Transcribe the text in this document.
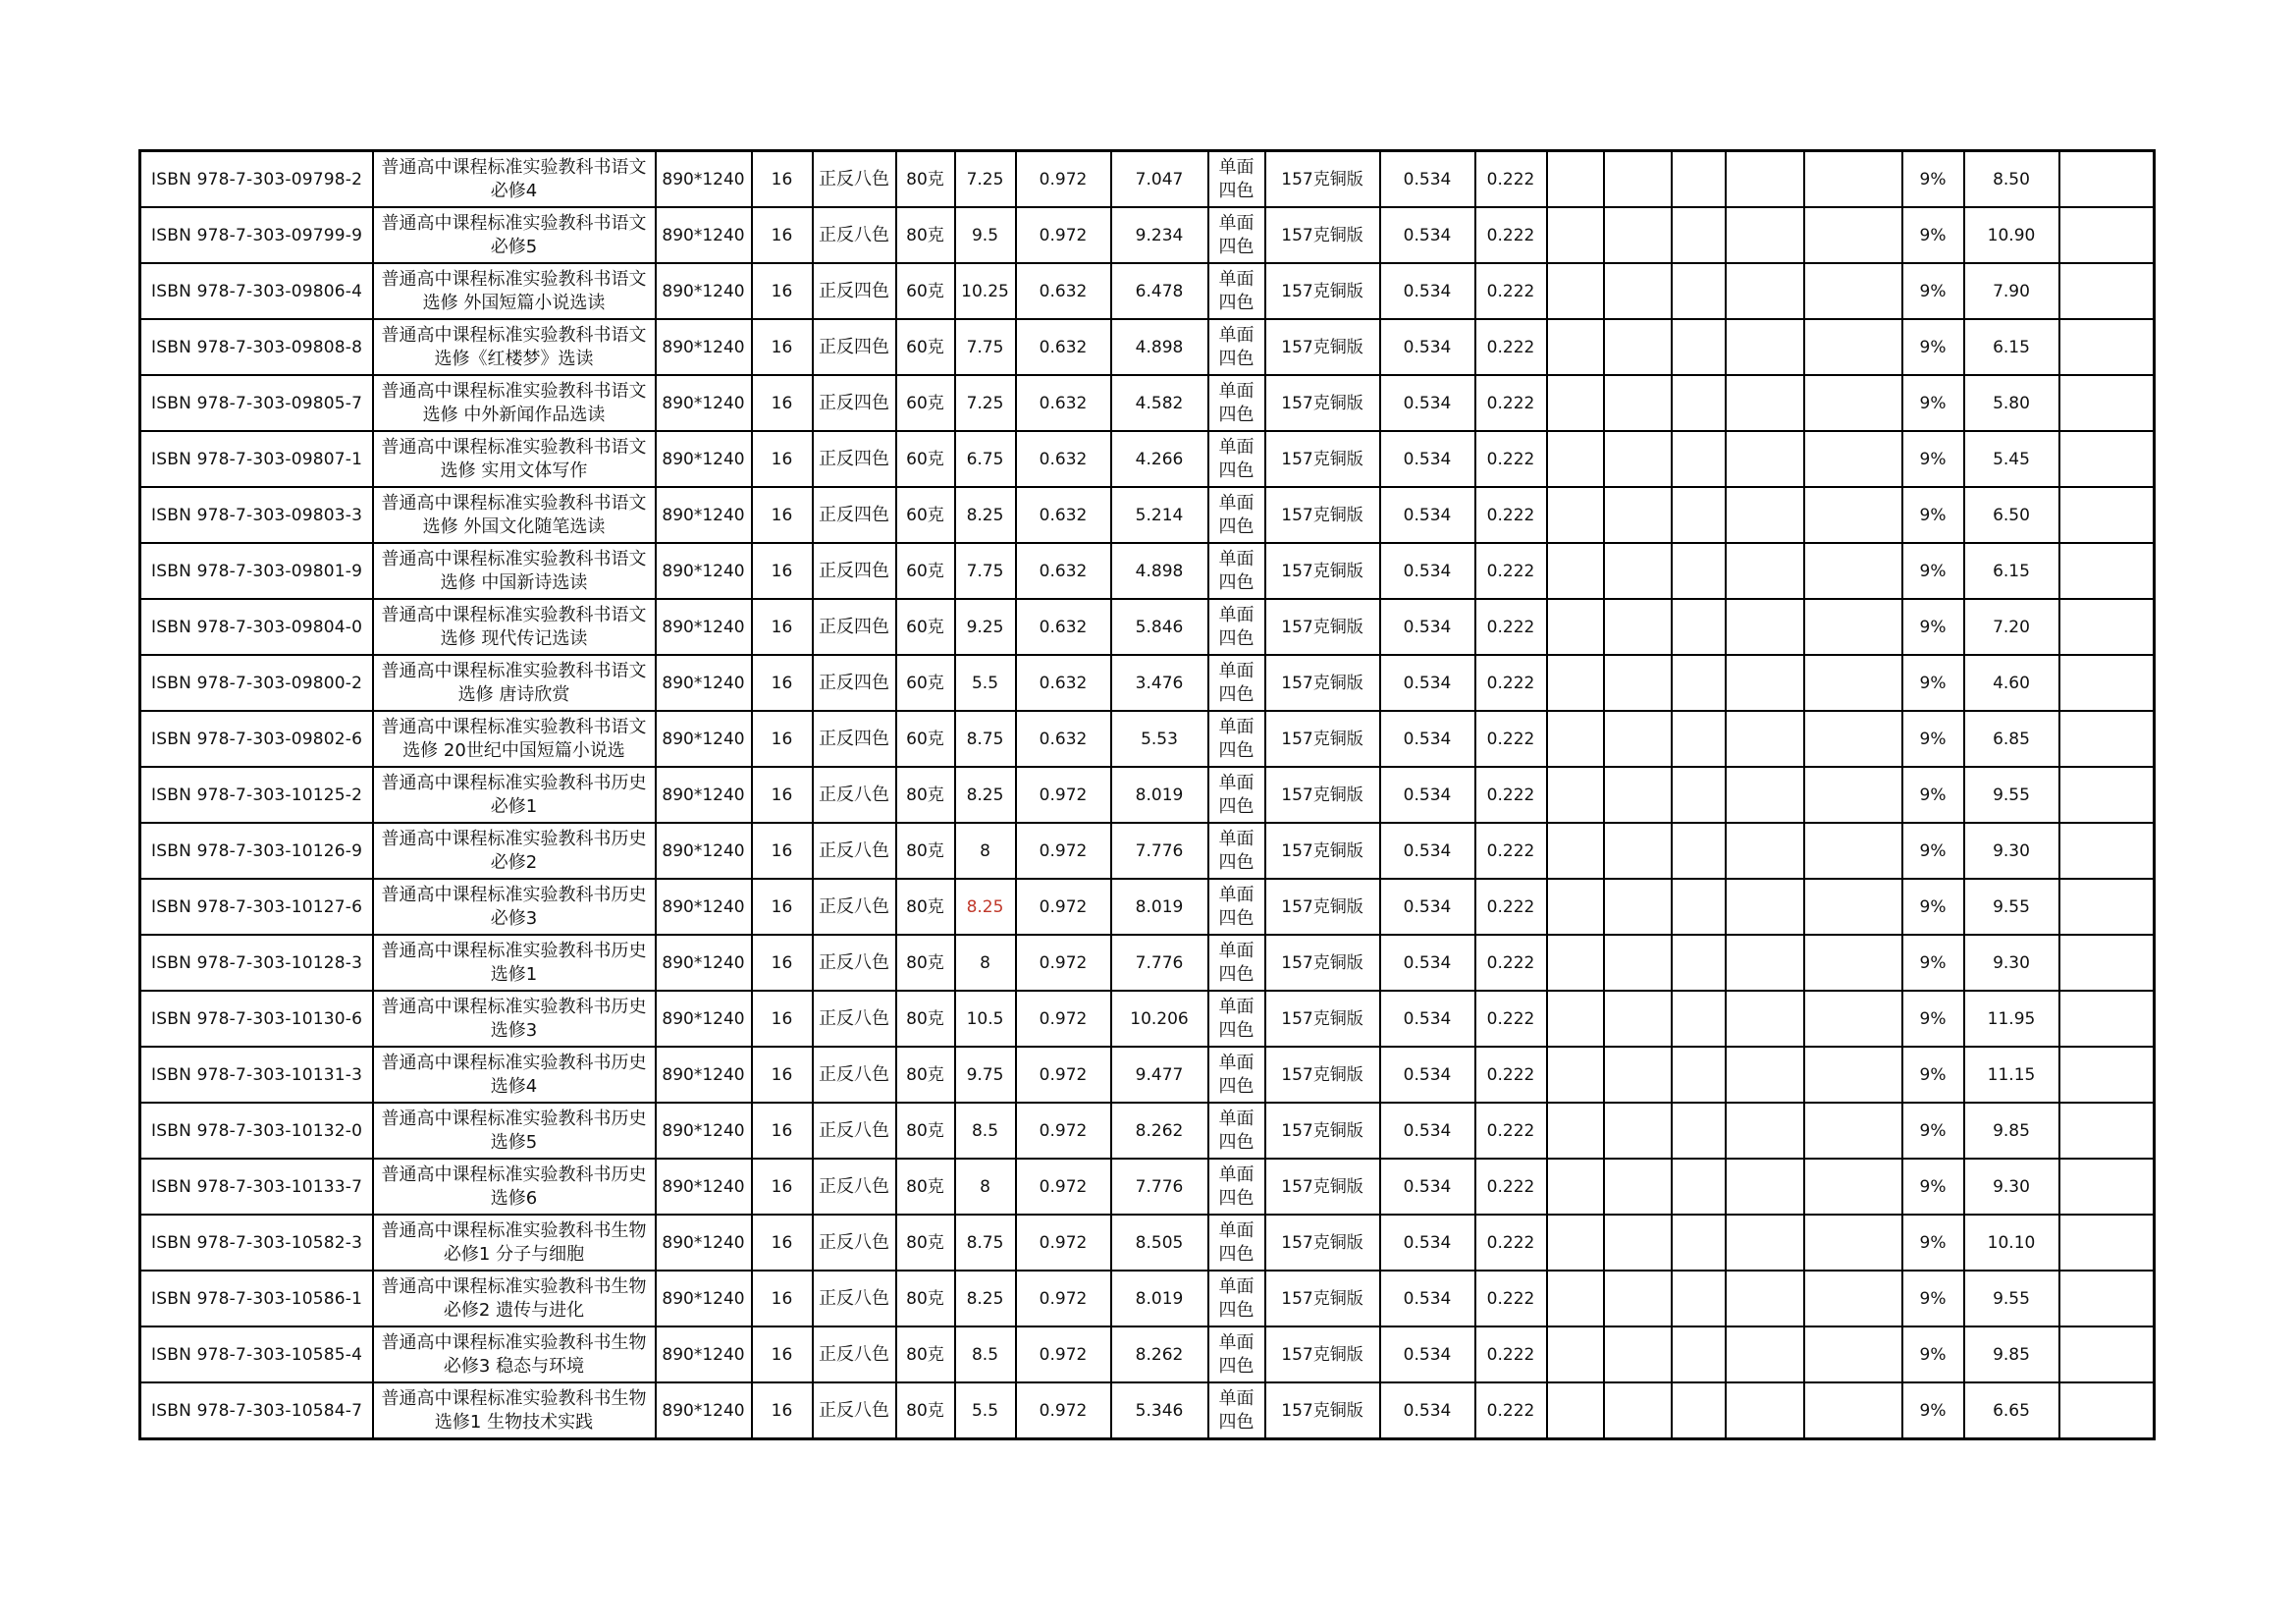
ISBN 978-7-303-09798-2	普通高中课程标准实验教科书语文必修4	890*1240	16	正反八色	80克	7.25	0.972	7.047	单面四色	157克铜版	0.534	0.222						9%	8.50	
ISBN 978-7-303-09799-9	普通高中课程标准实验教科书语文必修5	890*1240	16	正反八色	80克	9.5	0.972	9.234	单面四色	157克铜版	0.534	0.222						9%	10.90	
ISBN 978-7-303-09806-4	普通高中课程标准实验教科书语文选修 外国短篇小说选读	890*1240	16	正反四色	60克	10.25	0.632	6.478	单面四色	157克铜版	0.534	0.222						9%	7.90	
ISBN 978-7-303-09808-8	普通高中课程标准实验教科书语文选修《红楼梦》选读	890*1240	16	正反四色	60克	7.75	0.632	4.898	单面四色	157克铜版	0.534	0.222						9%	6.15	
ISBN 978-7-303-09805-7	普通高中课程标准实验教科书语文选修 中外新闻作品选读	890*1240	16	正反四色	60克	7.25	0.632	4.582	单面四色	157克铜版	0.534	0.222						9%	5.80	
ISBN 978-7-303-09807-1	普通高中课程标准实验教科书语文选修 实用文体写作	890*1240	16	正反四色	60克	6.75	0.632	4.266	单面四色	157克铜版	0.534	0.222						9%	5.45	
ISBN 978-7-303-09803-3	普通高中课程标准实验教科书语文选修 外国文化随笔选读	890*1240	16	正反四色	60克	8.25	0.632	5.214	单面四色	157克铜版	0.534	0.222						9%	6.50	
ISBN 978-7-303-09801-9	普通高中课程标准实验教科书语文选修 中国新诗选读	890*1240	16	正反四色	60克	7.75	0.632	4.898	单面四色	157克铜版	0.534	0.222						9%	6.15	
ISBN 978-7-303-09804-0	普通高中课程标准实验教科书语文选修 现代传记选读	890*1240	16	正反四色	60克	9.25	0.632	5.846	单面四色	157克铜版	0.534	0.222						9%	7.20	
ISBN 978-7-303-09800-2	普通高中课程标准实验教科书语文选修 唐诗欣赏	890*1240	16	正反四色	60克	5.5	0.632	3.476	单面四色	157克铜版	0.534	0.222						9%	4.60	
ISBN 978-7-303-09802-6	普通高中课程标准实验教科书语文选修 20世纪中国短篇小说选	890*1240	16	正反四色	60克	8.75	0.632	5.53	单面四色	157克铜版	0.534	0.222						9%	6.85	
ISBN 978-7-303-10125-2	普通高中课程标准实验教科书历史必修1	890*1240	16	正反八色	80克	8.25	0.972	8.019	单面四色	157克铜版	0.534	0.222						9%	9.55	
ISBN 978-7-303-10126-9	普通高中课程标准实验教科书历史必修2	890*1240	16	正反八色	80克	8	0.972	7.776	单面四色	157克铜版	0.534	0.222						9%	9.30	
ISBN 978-7-303-10127-6	普通高中课程标准实验教科书历史必修3	890*1240	16	正反八色	80克	8.25	0.972	8.019	单面四色	157克铜版	0.534	0.222						9%	9.55	
ISBN 978-7-303-10128-3	普通高中课程标准实验教科书历史选修1	890*1240	16	正反八色	80克	8	0.972	7.776	单面四色	157克铜版	0.534	0.222						9%	9.30	
ISBN 978-7-303-10130-6	普通高中课程标准实验教科书历史选修3	890*1240	16	正反八色	80克	10.5	0.972	10.206	单面四色	157克铜版	0.534	0.222						9%	11.95	
ISBN 978-7-303-10131-3	普通高中课程标准实验教科书历史选修4	890*1240	16	正反八色	80克	9.75	0.972	9.477	单面四色	157克铜版	0.534	0.222						9%	11.15	
ISBN 978-7-303-10132-0	普通高中课程标准实验教科书历史选修5	890*1240	16	正反八色	80克	8.5	0.972	8.262	单面四色	157克铜版	0.534	0.222						9%	9.85	
ISBN 978-7-303-10133-7	普通高中课程标准实验教科书历史选修6	890*1240	16	正反八色	80克	8	0.972	7.776	单面四色	157克铜版	0.534	0.222						9%	9.30	
ISBN 978-7-303-10582-3	普通高中课程标准实验教科书生物必修1 分子与细胞	890*1240	16	正反八色	80克	8.75	0.972	8.505	单面四色	157克铜版	0.534	0.222						9%	10.10	
ISBN 978-7-303-10586-1	普通高中课程标准实验教科书生物必修2 遗传与进化	890*1240	16	正反八色	80克	8.25	0.972	8.019	单面四色	157克铜版	0.534	0.222						9%	9.55	
ISBN 978-7-303-10585-4	普通高中课程标准实验教科书生物必修3 稳态与环境	890*1240	16	正反八色	80克	8.5	0.972	8.262	单面四色	157克铜版	0.534	0.222						9%	9.85	
ISBN 978-7-303-10584-7	普通高中课程标准实验教科书生物选修1 生物技术实践	890*1240	16	正反八色	80克	5.5	0.972	5.346	单面四色	157克铜版	0.534	0.222						9%	6.65	
